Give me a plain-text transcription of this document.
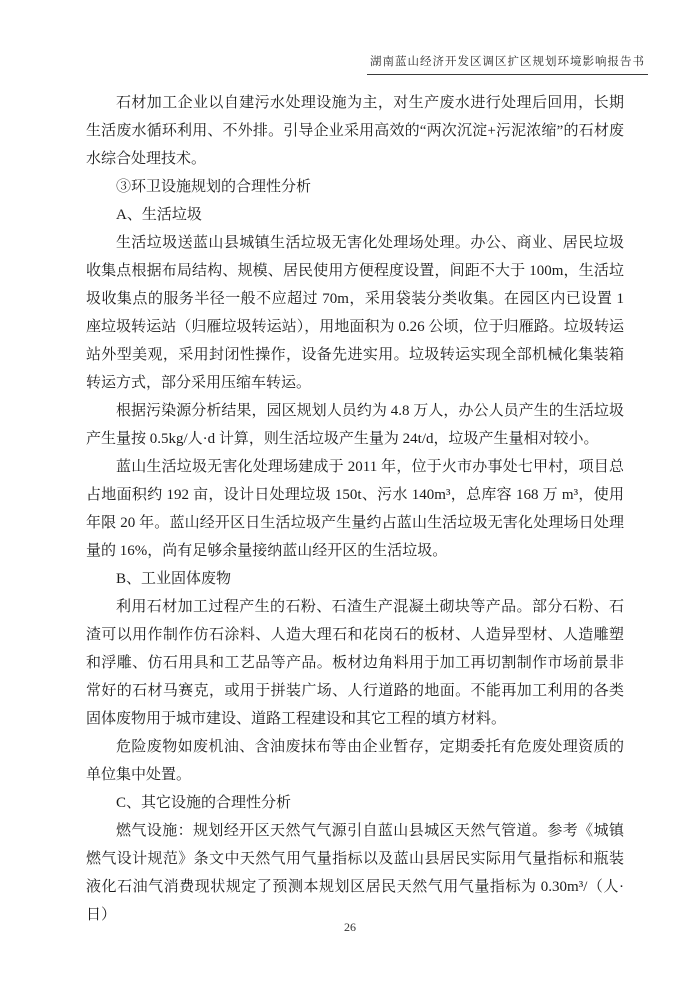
湖南蓝山经济开发区调区扩区规划环境影响报告书

石材加工企业以自建污水处理设施为主，对生产废水进行处理后回用，长期生活废水循环利用、不外排。引导企业采用高效的“两次沉淀+污泥浓缩”的石材废水综合处理技术。

③环卫设施规划的合理性分析

A、生活垃圾

生活垃圾送蓝山县城镇生活垃圾无害化处理场处理。办公、商业、居民垃圾收集点根据布局结构、规模、居民使用方便程度设置，间距不大于 100m，生活垃圾收集点的服务半径一般不应超过 70m，采用袋装分类收集。在园区内已设置 1 座垃圾转运站（归雁垃圾转运站），用地面积为 0.26 公顷，位于归雁路。垃圾转运站外型美观，采用封闭性操作，设备先进实用。垃圾转运实现全部机械化集装箱转运方式，部分采用压缩车转运。

根据污染源分析结果，园区规划人员约为 4.8 万人，办公人员产生的生活垃圾产生量按 0.5kg/人·d 计算，则生活垃圾产生量为 24t/d，垃圾产生量相对较小。

蓝山生活垃圾无害化处理场建成于 2011 年，位于火市办事处七甲村，项目总占地面积约 192 亩，设计日处理垃圾 150t、污水 140m³，总库容 168 万 m³，使用年限 20 年。蓝山经开区日生活垃圾产生量约占蓝山生活垃圾无害化处理场日处理量的 16%，尚有足够余量接纳蓝山经开区的生活垃圾。

B、工业固体废物

利用石材加工过程产生的石粉、石渣生产混凝土砌块等产品。部分石粉、石渣可以用作制作仿石涂料、人造大理石和花岗石的板材、人造异型材、人造雕塑和浮雕、仿石用具和工艺品等产品。板材边角料用于加工再切割制作市场前景非常好的石材马赛克，或用于拼装广场、人行道路的地面。不能再加工利用的各类固体废物用于城市建设、道路工程建设和其它工程的填方材料。

危险废物如废机油、含油废抹布等由企业暂存，定期委托有危废处理资质的单位集中处置。

C、其它设施的合理性分析

燃气设施：规划经开区天然气气源引自蓝山县城区天然气管道。参考《城镇燃气设计规范》条文中天然气用气量指标以及蓝山县居民实际用气量指标和瓶装液化石油气消费现状规定了预测本规划区居民天然气用气量指标为 0.30m³/（人·日）

26
